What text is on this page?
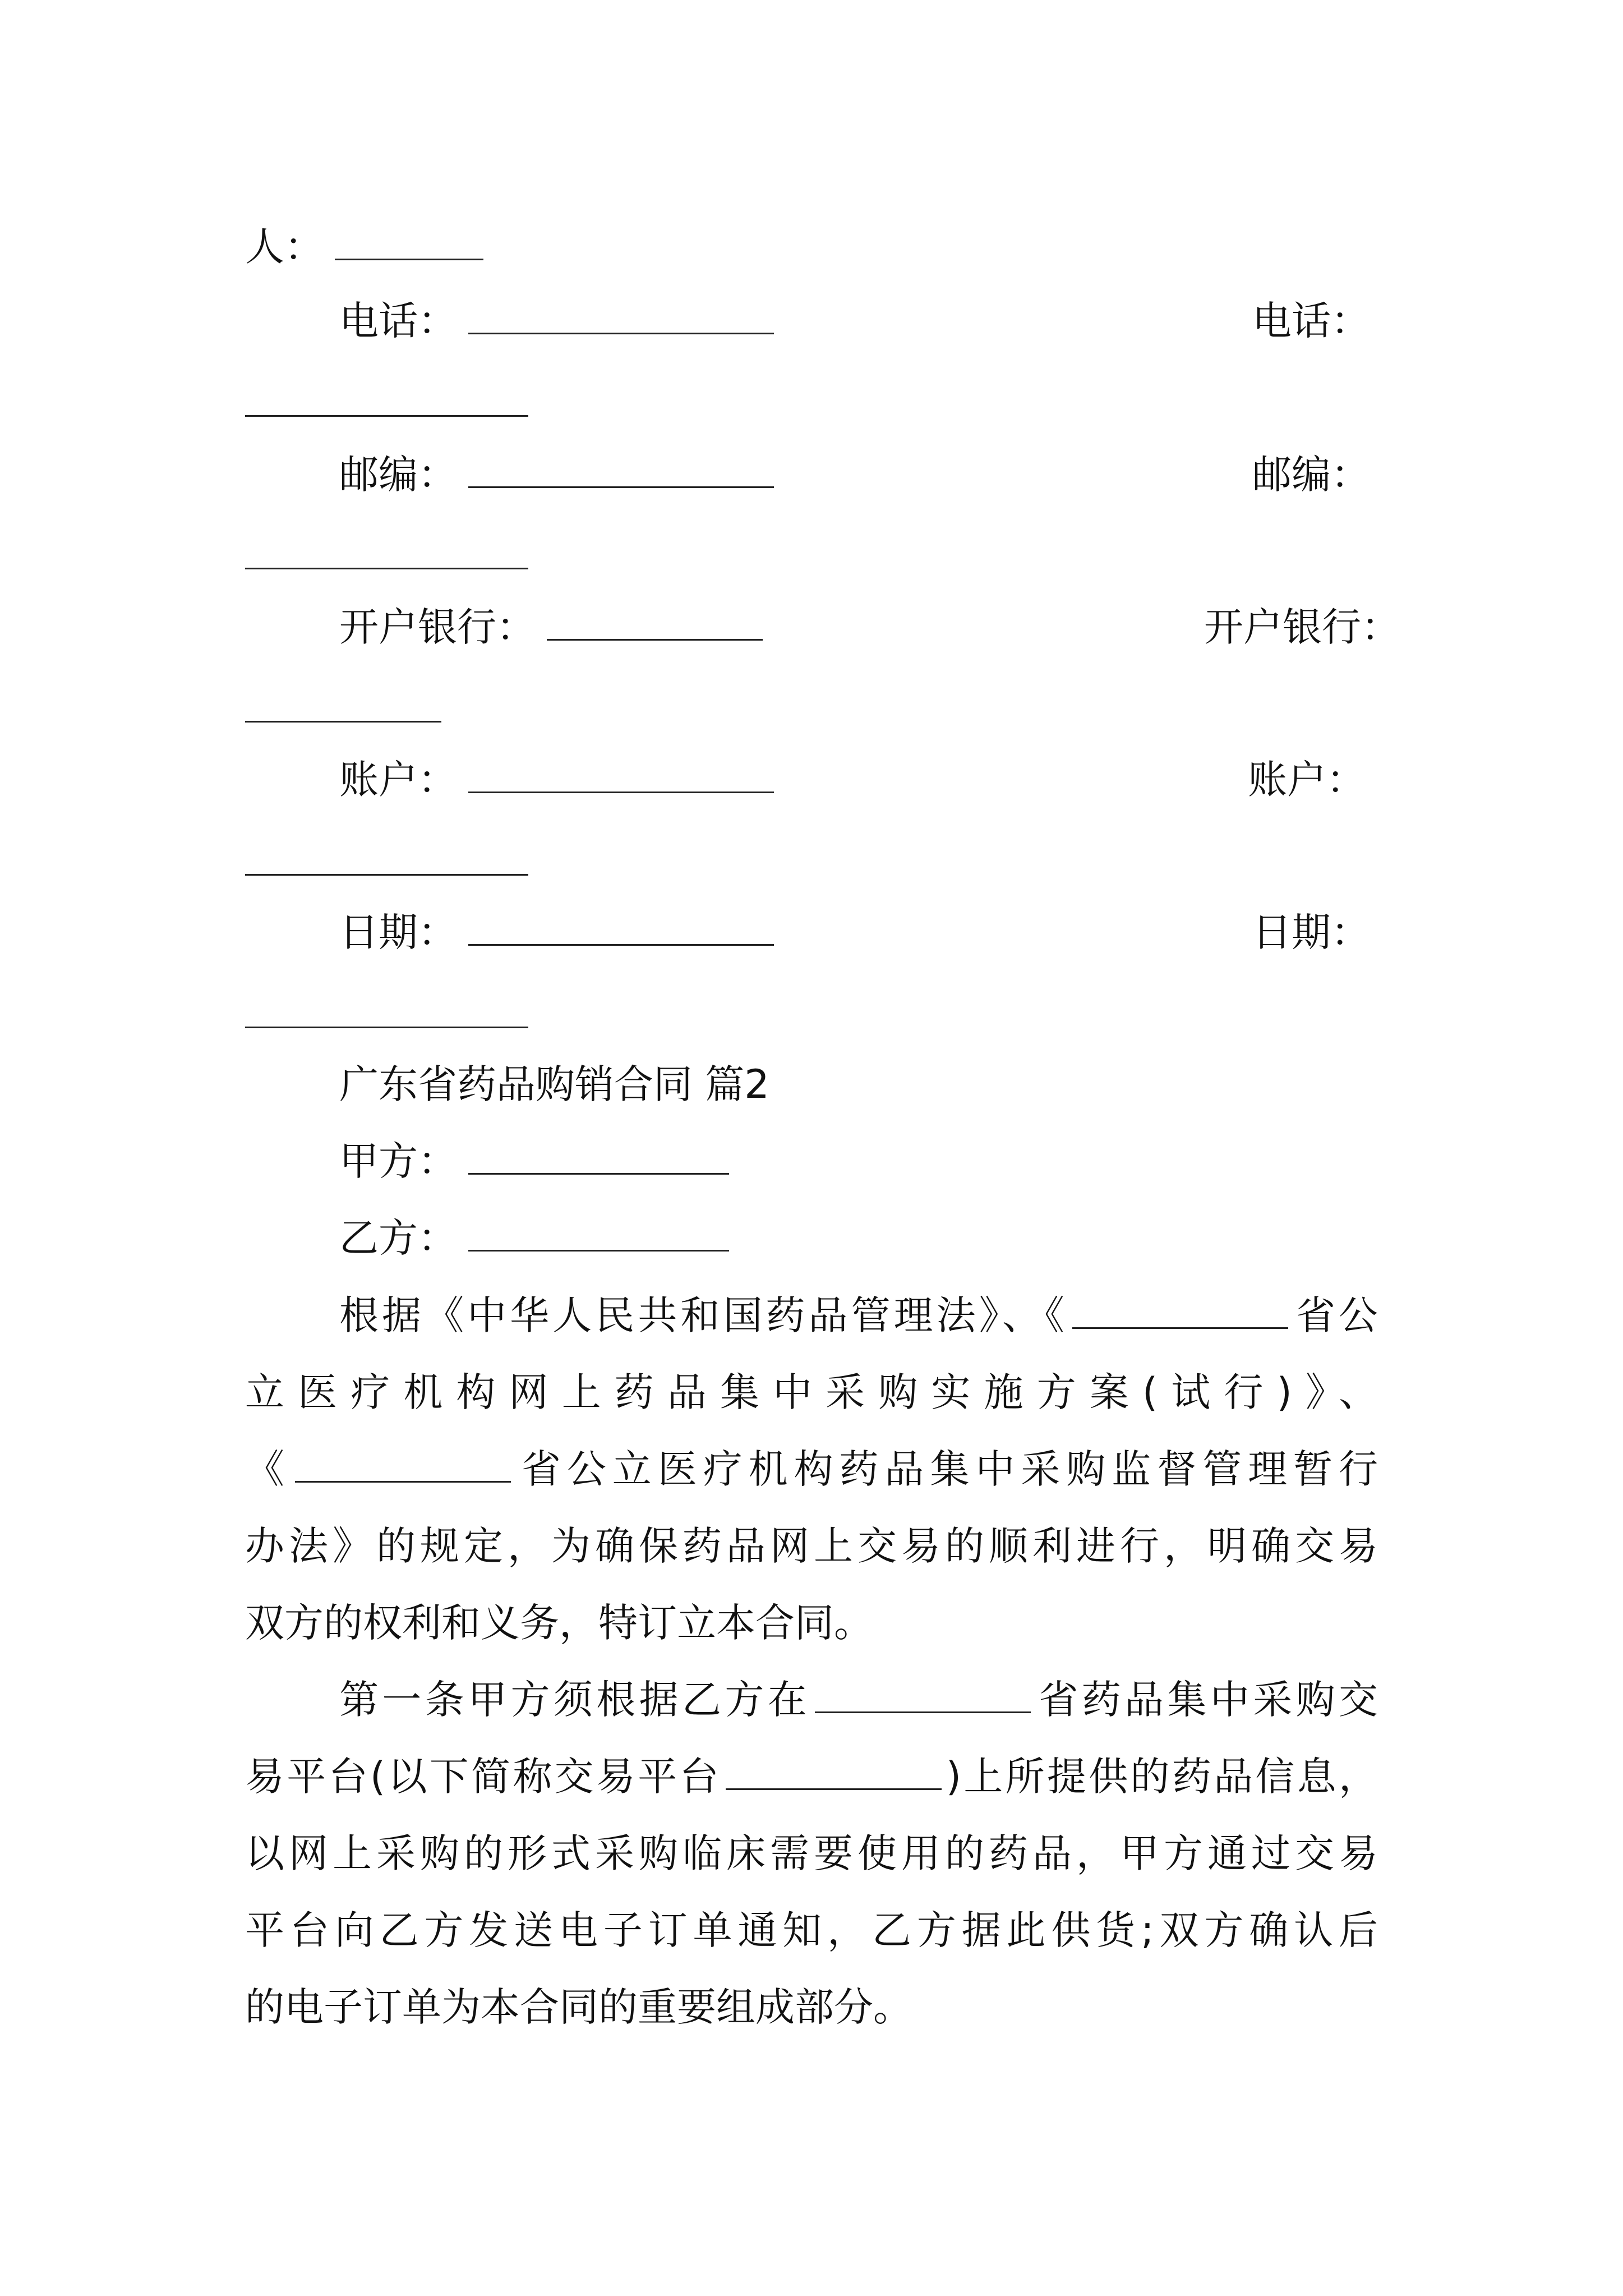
人：
电话：	电话：
邮编：	邮编：
开户银行：	开户银行：
账户：	账户：
日期：	日期：
广东省药品购销合同 篇2
甲方：
乙方：
根据《中华人民共和国药品管理法》、《	省公
立医疗机构网上药品集中采购实施方案(试行)》、
《	省公立医疗机构药品集中采购监督管理暂行
办法》的规定，为确保药品网上交易的顺利进行，明确交易
双方的权利和义务，特订立本合同。
第一条甲方须根据乙方在	省药品集中采购交
易平台(以下简称交易平台	)上所提供的药品信息，
以网上采购的形式采购临床需要使用的药品，甲方通过交易
平台向乙方发送电子订单通知，乙方据此供货;双方确认后
的电子订单为本合同的重要组成部分。
